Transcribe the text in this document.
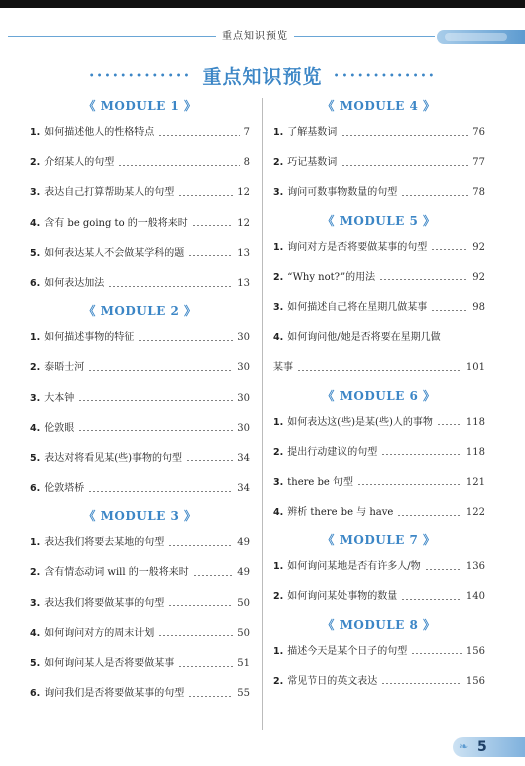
重点知识预览
••••••••••••• 重点知识预览 •••••••••••••
《 MODULE 1 》
1. 如何描述他人的性格特点	7
2. 介绍某人的句型	8
3. 表达自己打算帮助某人的句型	12
4. 含有 be going to 的一般将来时	12
5. 如何表达某人不会做某学科的题	13
6. 如何表达加法	13
《 MODULE 2 》
1. 如何描述事物的特征	30
2. 泰晤士河	30
3. 大本钟	30
4. 伦敦眼	30
5. 表达对将看见某(些)事物的句型	34
6. 伦敦塔桥	34
《 MODULE 3 》
1. 表达我们将要去某地的句型	49
2. 含有情态动词 will 的一般将来时	49
3. 表达我们将要做某事的句型	50
4. 如何询问对方的周末计划	50
5. 如何询问某人是否将要做某事	51
6. 询问我们是否将要做某事的句型	55
《 MODULE 4 》
1. 了解基数词	76
2. 巧记基数词	77
3. 询问可数事物数量的句型	78
《 MODULE 5 》
1. 询问对方是否将要做某事的句型	92
2. “Why not?”的用法	92
3. 如何描述自己将在星期几做某事	98
4. 如何询问他/她是否将要在星期几做
某事	101
《 MODULE 6 》
1. 如何表达这(些)是某(些)人的事物	118
2. 提出行动建议的句型	118
3. there be 句型	121
4. 辨析 there be 与 have	122
《 MODULE 7 》
1. 如何询问某地是否有许多人/物	136
2. 如何询问某处事物的数量	140
《 MODULE 8 》
1. 描述今天是某个日子的句型	156
2. 常见节日的英文表达	156
❧ 5
